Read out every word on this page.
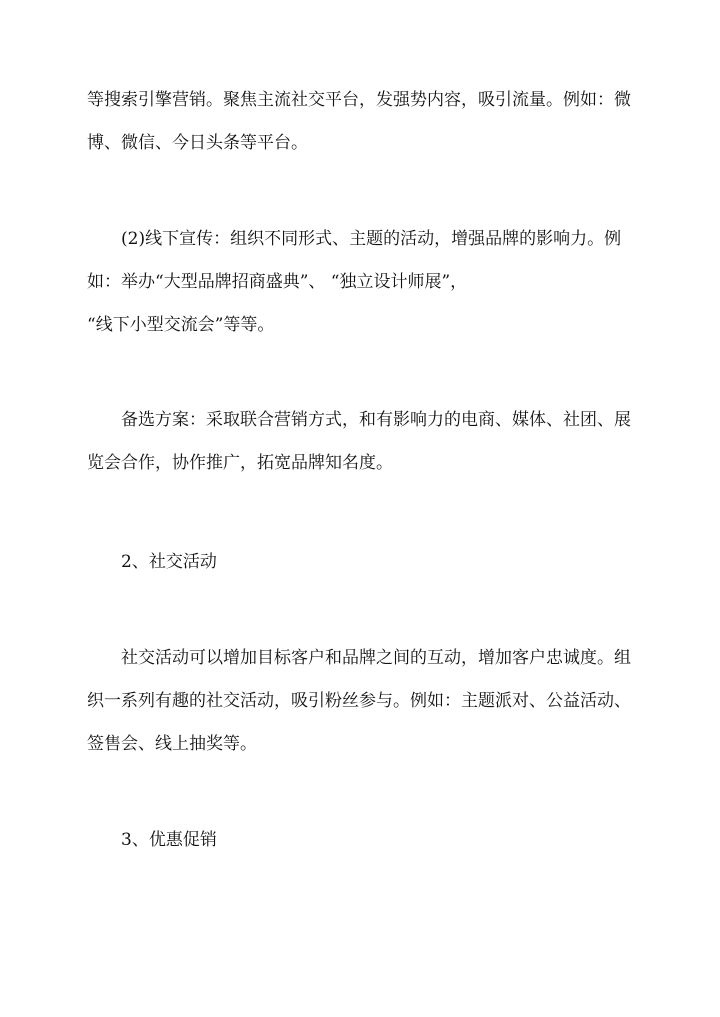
等搜索引擎营销。聚焦主流社交平台，发强势内容，吸引流量。例如：微
博、微信、今日头条等平台。
(2)线下宣传：组织不同形式、主题的活动，增强品牌的影响力。例
如：举办“大型品牌招商盛典”、 “独立设计师展”，
“线下小型交流会”等等。
备选方案：采取联合营销方式，和有影响力的电商、媒体、社团、展
览会合作，协作推广，拓宽品牌知名度。
2、社交活动
社交活动可以增加目标客户和品牌之间的互动，增加客户忠诚度。组
织一系列有趣的社交活动，吸引粉丝参与。例如：主题派对、公益活动、
签售会、线上抽奖等。
3、优惠促销
